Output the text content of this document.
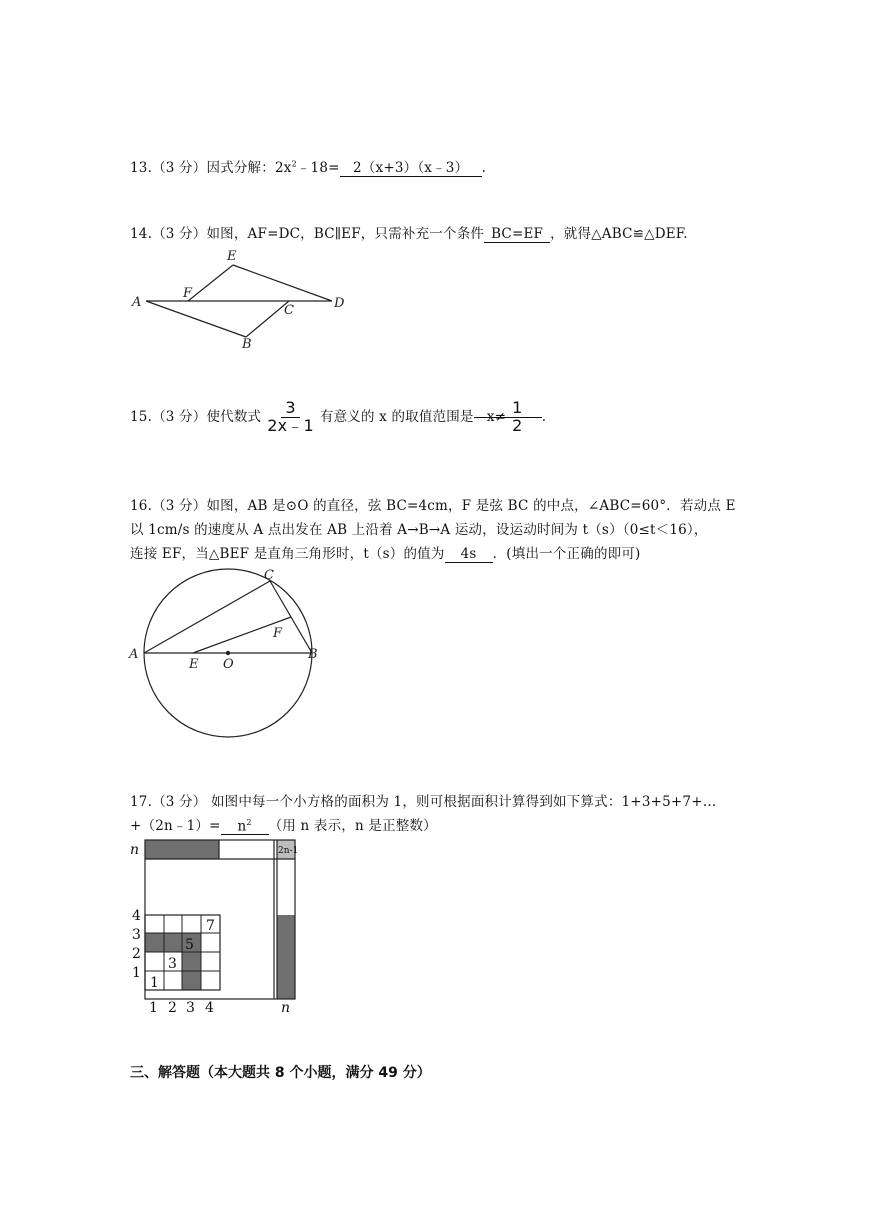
13.（3 分）因式分解：$2x^2﹣18=$ 2（x+3）（x﹣3） .
14.（3 分）如图，AF=DC，BC∥EF，只需补充一个条件 BC=EF ，就得△ABC≌△DEF.
A
F
E
C	D
B
15.（3 分）使代数式 $\frac{3}{2x﹣1}$ 有意义的 x 的取值范围是 $x\ne \frac{1}{2}$ .
16.（3 分）如图，AB 是⊙O 的直径，弦 BC=4cm，F 是弦 BC 的中点，∠ABC=60°．若动点 E
以 1cm/s 的速度从 A 点出发在 AB 上沿着 A→B→A 运动，设运动时间为 t（s）（0≤t＜16），
连接 EF，当△BEF 是直角三角形时，t（s）的值为 4s ．(填出一个正确的即可)
A	B
C
F
E O
17.（3 分） 如图中每一个小方格的面积为 1，则可根据面积计算得到如下算式：1+3+5+7+…
+（2n﹣1）= $n^2$ （用 n 表示，n 是正整数）
n	2n-1
4
3
2
1
1 2 3 4	n
1
3
5
7
三、解答题（本大题共 8 个小题，满分 49 分）
